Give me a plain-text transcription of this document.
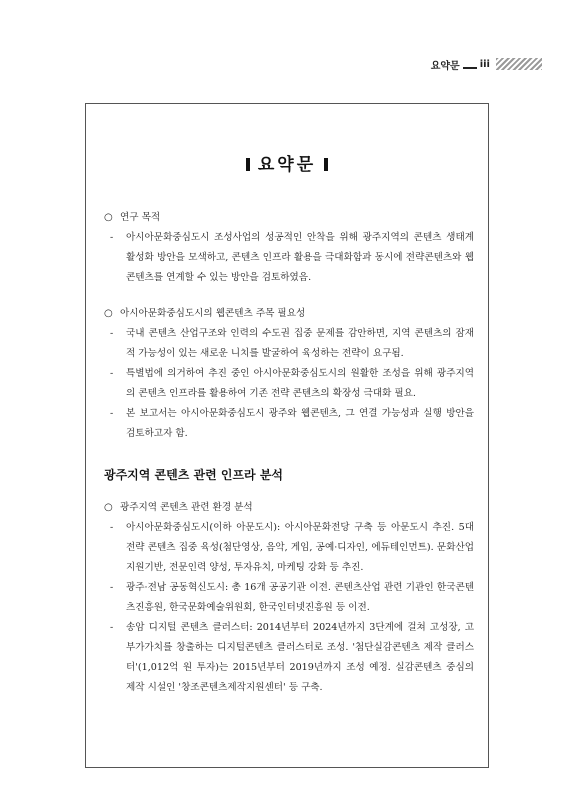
요약문 iii
요약문

○ 연구 목적

- 아시아문화중심도시 조성사업의 성공적인 안착을 위해 광주지역의 콘텐츠 생태계 활성화 방안을 모색하고, 콘텐츠 인프라 활용을 극대화함과 동시에 전략콘텐츠와 웹콘텐츠를 연계할 수 있는 방안을 검토하였음.

○ 아시아문화중심도시의 웹콘텐츠 주목 필요성

- 국내 콘텐츠 산업구조와 인력의 수도권 집중 문제를 감안하면, 지역 콘텐츠의 잠재적 가능성이 있는 새로운 니치를 발굴하여 육성하는 전략이 요구됨.

- 특별법에 의거하여 추진 중인 아시아문화중심도시의 원활한 조성을 위해 광주지역의 콘텐츠 인프라를 활용하여 기존 전략 콘텐츠의 확장성 극대화 필요.

- 본 보고서는 아시아문화중심도시 광주와 웹콘텐츠, 그 연결 가능성과 실행 방안을 검토하고자 함.

광주지역 콘텐츠 관련 인프라 분석

○ 광주지역 콘텐츠 관련 환경 분석

- 아시아문화중심도시(이하 아문도시): 아시아문화전당 구축 등 아문도시 추진. 5대 전략 콘텐츠 집중 육성(첨단영상, 음악, 게임, 공예·디자인, 에듀테인먼트). 문화산업지원기반, 전문인력 양성, 투자유치, 마케팅 강화 등 추진.

- 광주·전남 공동혁신도시: 총 16개 공공기관 이전. 콘텐츠산업 관련 기관인 한국콘텐츠진흥원, 한국문화예술위원회, 한국인터넷진흥원 등 이전.

- 송암 디지털 콘텐츠 클러스터: 2014년부터 2024년까지 3단계에 걸쳐 고성장, 고부가가치를 창출하는 디지털콘텐츠 클러스터로 조성. '첨단실감콘텐츠 제작 클러스터'(1,012억 원 투자)는 2015년부터 2019년까지 조성 예정. 실감콘텐츠 중심의 제작 시설인 '창조콘텐츠제작지원센터' 등 구축.
